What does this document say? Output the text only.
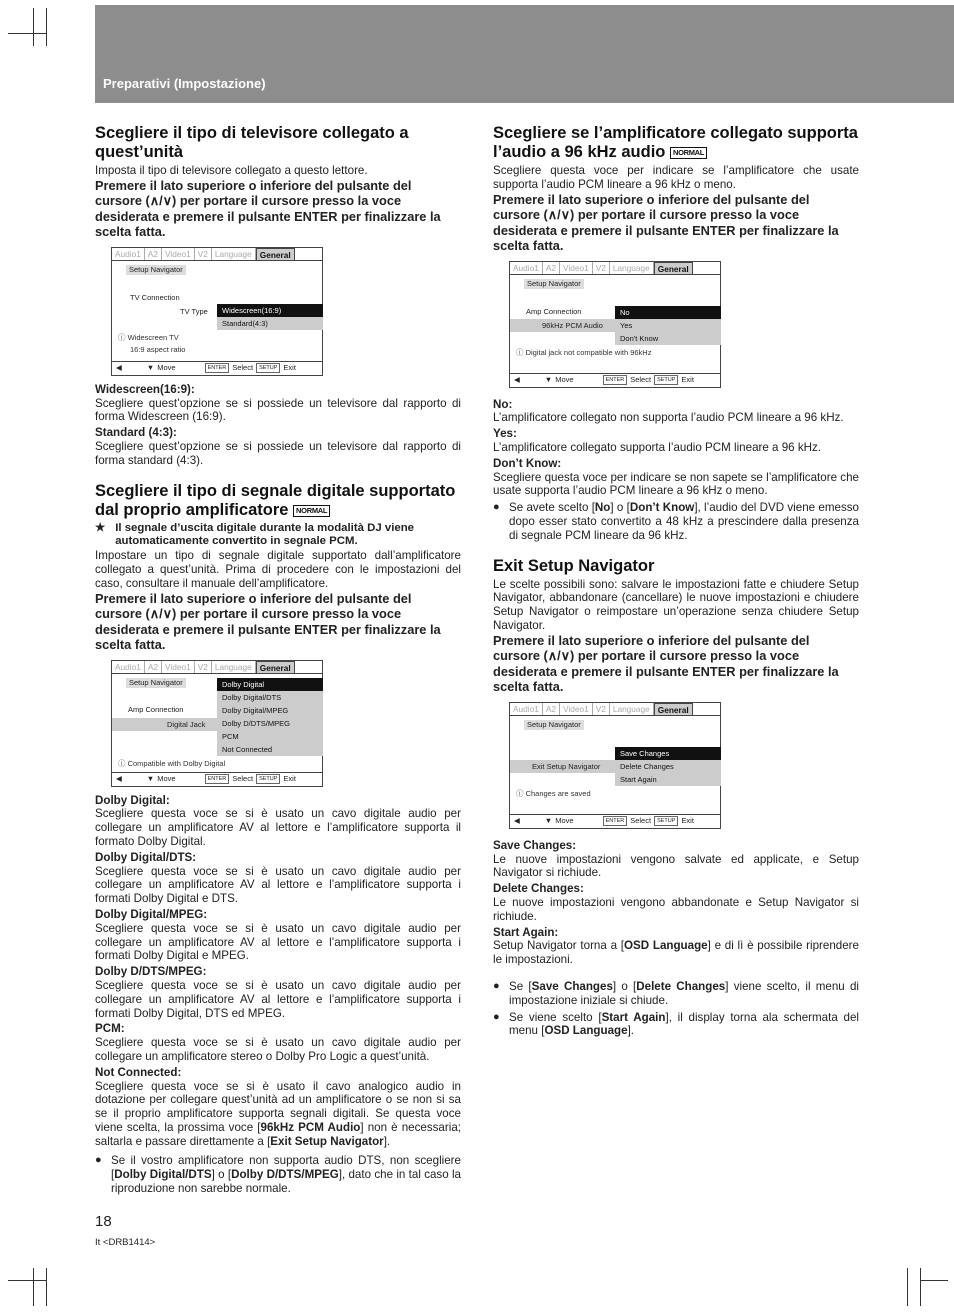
Preparativi (Impostazione)
Scegliere il tipo di televisore collegato a quest’unità

Imposta il tipo di televisore collegato a questo lettore.

Premere il lato superiore o inferiore del pulsante del cursore (∧/∨) per portare il cursore presso la voce desiderata e premere il pulsante ENTER per finalizzare la scelta fatta.

Audio1 A2 Video1 V2 Language General
Setup Navigator
TV Connection
TV Type	Widescreen(16:9)
Standard(4:3)
ⓘ Widescreen TV
16:9 aspect ratio
◀	▼ Move	ENTER Select	SETUP Exit

Widescreen(16:9):

Scegliere quest’opzione se si possiede un televisore dal rapporto di forma Widescreen (16:9).

Standard (4:3):

Scegliere quest’opzione se si possiede un televisore dal rapporto di forma standard (4:3).

Scegliere il tipo di segnale digitale supportato dal proprio amplificatore NORMAL
★ Il segnale d’uscita digitale durante la modalità DJ viene automaticamente convertito in segnale PCM.

Impostare un tipo di segnale digitale supportato dall’amplificatore collegato a quest’unità. Prima di procedere con le impostazioni del caso, consultare il manuale dell’amplificatore.

Premere il lato superiore o inferiore del pulsante del cursore (∧/∨) per portare il cursore presso la voce desiderata e premere il pulsante ENTER per finalizzare la scelta fatta.

Audio1 A2 Video1 V2 Language General
Setup Navigator
Amp Connection
Digital Jack
Dolby Digital
Dolby Digital/DTS
Dolby Digital/MPEG
Dolby D/DTS/MPEG
PCM
Not Connected
ⓘ Compatible with Dolby Digital
◀	▼ Move	ENTER Select	SETUP Exit

Dolby Digital:

Scegliere questa voce se si è usato un cavo digitale audio per collegare un amplificatore AV al lettore e l’amplificatore supporta il formato Dolby Digital.

Dolby Digital/DTS:

Scegliere questa voce se si è usato un cavo digitale audio per collegare un amplificatore AV al lettore e l’amplificatore supporta i formati Dolby Digital e DTS.

Dolby Digital/MPEG:

Scegliere questa voce se si è usato un cavo digitale audio per collegare un amplificatore AV al lettore e l’amplificatore supporta i formati Dolby Digital e MPEG.

Dolby D/DTS/MPEG:

Scegliere questa voce se si è usato un cavo digitale audio per collegare un amplificatore AV al lettore e l’amplificatore supporta i formati Dolby Digital, DTS ed MPEG.

PCM:

Scegliere questa voce se si è usato un cavo digitale audio per collegare un amplificatore stereo o Dolby Pro Logic a quest’unità.

Not Connected:

Scegliere questa voce se si è usato il cavo analogico audio in dotazione per collegare quest’unità ad un amplificatore o se non si sa se il proprio amplificatore supporta segnali digitali. Se questa voce viene scelta, la prossima voce [96kHz PCM Audio] non è necessaria; saltarla e passare direttamente a [Exit Setup Navigator].

● Se il vostro amplificatore non supporta audio DTS, non scegliere [Dolby Digital/DTS] o [Dolby D/DTS/MPEG], dato che in tal caso la riproduzione non sarebbe normale.

Scegliere se l’amplificatore collegato supporta l’audio a 96 kHz audio NORMAL

Scegliere questa voce per indicare se l’amplificatore che usate supporta l’audio PCM lineare a 96 kHz o meno.

Premere il lato superiore o inferiore del pulsante del cursore (∧/∨) per portare il cursore presso la voce desiderata e premere il pulsante ENTER per finalizzare la scelta fatta.

Audio1 A2 Video1 V2 Language General
Setup Navigator
Amp Connection
96kHz PCM Audio
No
Yes
Don't Know
ⓘ Digital jack not compatible with 96kHz
◀	▼ Move	ENTER Select	SETUP Exit

No:

L’amplificatore collegato non supporta l’audio PCM lineare a 96 kHz.

Yes:

L’amplificatore collegato supporta l’audio PCM lineare a 96 kHz.

Don’t Know:

Scegliere questa voce per indicare se non sapete se l’amplificatore che usate supporta l’audio PCM lineare a 96 kHz o meno.

● Se avete scelto [No] o [Don’t Know], l’audio del DVD viene emesso dopo esser stato convertito a 48 kHz a prescindere dalla presenza di segnale PCM lineare da 96 kHz.

Exit Setup Navigator

Le scelte possibili sono: salvare le impostazioni fatte e chiudere Setup Navigator, abbandonare (cancellare) le nuove impostazioni e chiudere Setup Navigator o reimpostare un’operazione senza chiudere Setup Navigator.

Premere il lato superiore o inferiore del pulsante del cursore (∧/∨) per portare il cursore presso la voce desiderata e premere il pulsante ENTER per finalizzare la scelta fatta.

Audio1 A2 Video1 V2 Language General
Setup Navigator
Exit Setup Navigator
Save Changes
Delete Changes
Start Again
ⓘ Changes are saved
◀	▼ Move	ENTER Select	SETUP Exit

Save Changes:

Le nuove impostazioni vengono salvate ed applicate, e Setup Navigator si richiude.

Delete Changes:

Le nuove impostazioni vengono abbandonate e Setup Navigator si richiude.

Start Again:

Setup Navigator torna a [OSD Language] e di lì è possibile riprendere le impostazioni.

● Se [Save Changes] o [Delete Changes] viene scelto, il menu di impostazione iniziale si chiude.

● Se viene scelto [Start Again], il display torna ala schermata del menu [OSD Language].

18
It <DRB1414>
